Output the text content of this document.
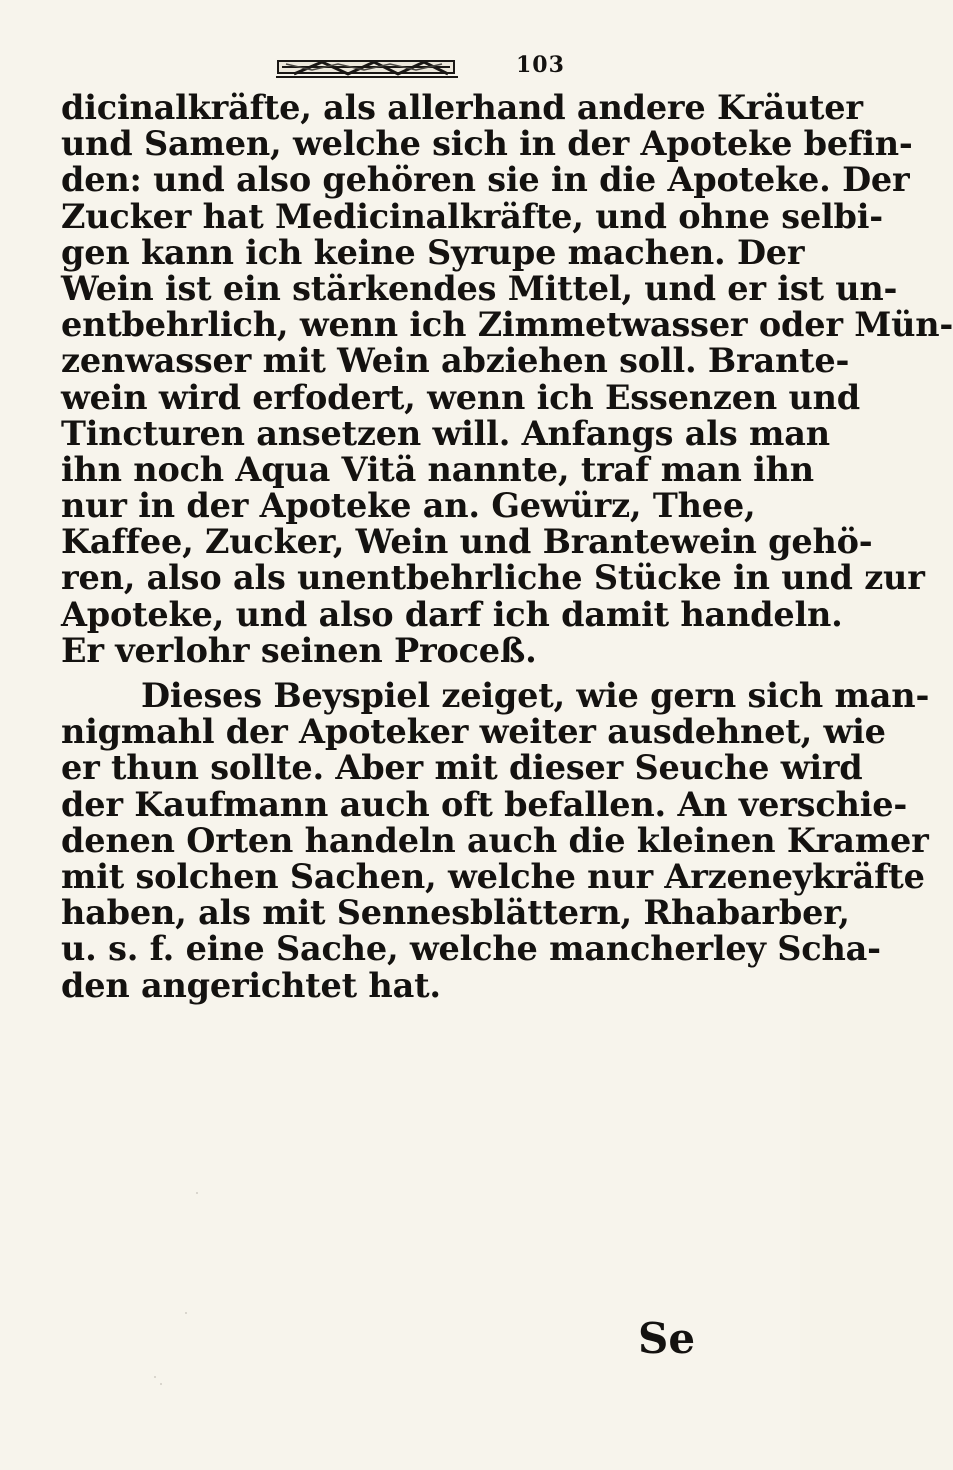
103
dicinalkräfte, als allerhand andere Kräuter
und Samen, welche sich in der Apoteke befin-
den: und also gehören sie in die Apoteke. Der
Zucker hat Medicinalkräfte, und ohne selbi-
gen kann ich keine Syrupe machen. Der
Wein ist ein stärkendes Mittel, und er ist un-
entbehrlich, wenn ich Zimmetwasser oder Mün-
zenwasser mit Wein abziehen soll. Brante-
wein wird erfodert, wenn ich Essenzen und
Tincturen ansetzen will. Anfangs als man
ihn noch Aqua Vitä nannte, traf man ihn
nur in der Apoteke an. Gewürz, Thee,
Kaffee, Zucker, Wein und Brantewein gehö-
ren, also als unentbehrliche Stücke in und zur
Apoteke, und also darf ich damit handeln.
Er verlohr seinen Proceß.
Dieses Beyspiel zeiget, wie gern sich man-
nigmahl der Apoteker weiter ausdehnet, wie
er thun sollte. Aber mit dieser Seuche wird
der Kaufmann auch oft befallen. An verschie-
denen Orten handeln auch die kleinen Kramer
mit solchen Sachen, welche nur Arzeneykräfte
haben, als mit Sennesblättern, Rhabarber,
u. s. f. eine Sache, welche mancherley Scha-
den angerichtet hat.
Se
